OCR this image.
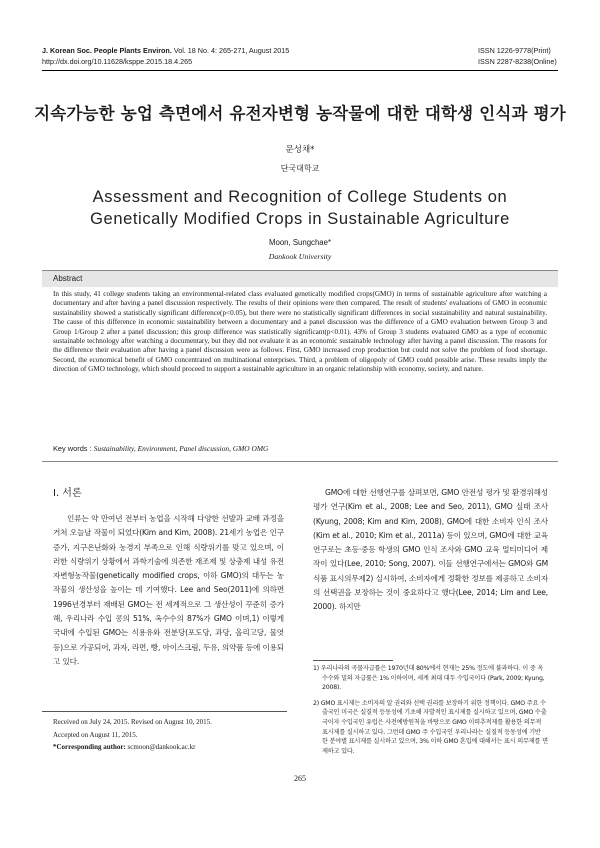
J. Korean Soc. People Plants Environ. Vol. 18 No. 4: 265-271, August 2015
http://dx.doi.org/10.11628/ksppe.2015.18.4.265
ISSN 1226-9778(Print)
ISSN 2287-8238(Online)
지속가능한 농업 측면에서 유전자변형 농작물에 대한 대학생 인식과 평가
문성채*
단국대학교
Assessment and Recognition of College Students on
Genetically Modified Crops in Sustainable Agriculture
Moon, Sungchae*
Dankook University
Abstract
In this study, 41 college students taking an environmental-related class evaluated genetically modified crops(GMO) in terms of sustainable agriculture after watching a documentary and after having a panel discussion respectively. The results of their opinions were then compared. The result of students' evaluations of GMO in economic sustainability showed a statistically significant difference(p<0.05), but there were no statistically significant differences in social sustainability and natural sustainability. The cause of this difference in economic sustainability between a documentary and a panel discussion was the difference of a GMO evaluation between Group 3 and Group 1/Group 2 after a panel discussion; this group difference was statistically significant(p<0.01). 43% of Group 3 students evaluated GMO as a type of economic sustainable technology after watching a documentary, but they did not evaluate it as an economic sustainable technology after having a panel discussion. The reasons for the difference their evaluation after having a panel discussion were as follows. First, GMO increased crop production but could not solve the problem of food shortage. Second, the economical benefit of GMO concentrated on multinational enterprises. Third, a problem of oligopoly of GMO could possible arise. These results imply the direction of GMO technology, which should proceed to support a sustainable agriculture in an organic relationship with economy, society, and nature.
Key words : Sustainability, Environment, Panel discussion, GMO OMG
Ⅰ. 서론

인류는 약 만여년 전부터 농업을 시작해 다양한 선발과 교배 과정을 거쳐 오늘날 작물이 되었다(Kim and Kim, 2008). 21세기 농업은 인구증가, 지구온난화와 농경지 부족으로 인해 식량위기를 맞고 있으며, 이러한 식량위기 상황에서 과학기술에 의존한 재조제 및 상충제 내성 유전자변형농작물(genetically modified crops, 이하 GMO)의 대두는 농작물의 생산성을 높이는 데 기여했다. Lee and Seo(2011)에 의하면 1996년경부터 재배된 GMO는 전 세계적으로 그 생산성이 꾸준히 증가해, 우리나라 수입 콩의 51%, 옥수수의 87%가 GMO 이며,1) 이렇게 국내에 수입된 GMO는 식용유와 전분당(포도당, 과당, 올리고당, 물엿 등)으로 가공되어, 과자, 라면, 빵, 아이스크림, 두유, 의약품 등에 이용되고 있다.

GMO에 대한 선행연구를 살펴보면, GMO 안전성 평가 및 환경위해성 평가 연구(Kim et al., 2008; Lee and Seo, 2011), GMO 실태 조사(Kyung, 2008; Kim and Kim, 2008), GMO에 대한 소비자 인식 조사(Kim et al., 2010; Kim et al., 2011a) 등이 있으며, GMO에 대한 교육 연구로는 초등·중등 학생의 GMO 인식 조사와 GMO 교육 멀티미디어 제작이 있다(Lee, 2010; Song, 2007). 이들 선행연구에서는 GMO와 GM식품 표시의무제2) 실시하여, 소비자에게 정확한 정보를 제공하고 소비자의 선택권을 보장하는 것이 중요하다고 했다(Lee, 2014; Lim and Lee, 2000). 하지만

1) 우리나라의 곡물자급률은 1970년대 80%에서 현재는 25% 정도에 불과하다. 이 중 옥수수와 밀의 자급률은 1% 이하이며, 세계 최대 대두 수입국이다 (Park, 2009; Kyung, 2008).
2) GMO 표시제는 소비자의 알 권리와 선택 권리를 보장하기 위한 정책이다. GMO 주요 수출국인 미국은 실질적 등동성에 기초해 자발적인 표시제를 실시하고 있으며, GMO 수출국이자 수입국인 유럽은 사전예방원칙을 바탕으로 GMO 이력추적제를 활용한 의무적 표시제를 실시하고 있다. 그런데 GMO 주 수입국인 우리나라는 실질적 등동성에 기반 한 분야별 표시제를 실시하고 있으며, 3% 이하 GMO 혼입에 대해서는 표시 의무제를 면제하고 있다.
Received on July 24, 2015. Revised on August 10, 2015.
Accepted on August 11, 2015.
*Corresponding author: scmoon@dankook.ac.kr
265
